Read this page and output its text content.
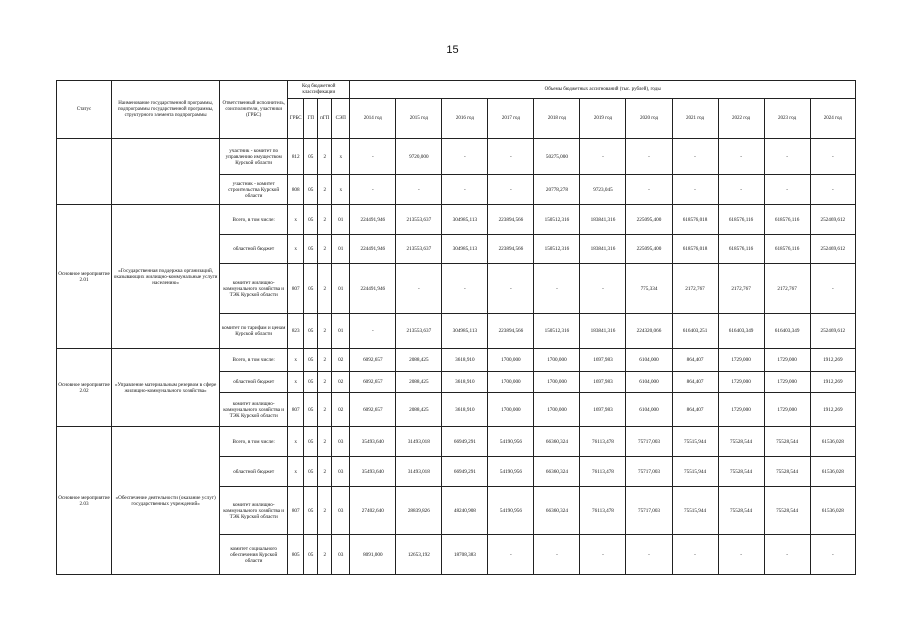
15
Статус	Наименование государственной программы, подпрограммы государственной программы, структурного элемента подпрограммы	Ответственный исполнитель, соисполнители, участники (ГРБС)	Код бюджетной классификации				Объемы бюджетных ассигнований (тыс. рублей), годы										
			ГРБС	ГП	пГП	СЭП	2014 год	2015 год	2016 год	2017 год	2018 год	2019 год	2020 год	2021 год	2022 год	2023 год	2024 год
		участник - комитет по управлению имуществом Курской области	812	05	2	х	-	9720,000	-	-	50275,000	-	-	-	-	-	-
		участник - комитет строительства Курской области	808	05	2	х	-	-	-	-	20778,278	9723,045	-	-	-	-	-
Основное мероприятие 2.01	«Государственная поддержка организаций, оказывающих жилищно-коммунальные услуги населению»	Всего, в том числе:	х	05	2	01	224491,946	213553,637	304985,113	223894,566	150512,316	183841,316	225095,400	618576,018	618576,116	618576,116	252469,612
		областной бюджет	х	05	2	01	224491,946	213553,637	304985,113	223894,566	150512,316	183841,316	225095,400	618576,018	618576,116	618576,116	252469,612
		комитет жилищно-коммунального хозяйства и ТЭК Курской области	807	05	2	01	224491,946	-	-	-	-	-	775,334	2172,767	2172,767	2172,767	-
		комитет по тарифам и ценам Курской области	823	05	2	01	-	213553,637	304985,113	223894,566	150512,316	183841,316	224320,066	616403,251	616403,349	616403,349	252469,612
Основное мероприятие 2.02	«Управление материальным резервом в сфере жилищно-коммунального хозяйства»	Всего, в том числе:	х	05	2	02	6092,657	2088,425	3618,910	1700,000	1700,000	1697,983	6104,000	864,407	1729,000	1729,000	1912,269
		областной бюджет	х	05	2	02	6092,657	2088,425	3618,910	1700,000	1700,000	1697,983	6104,000	864,407	1729,000	1729,000	1912,269
		комитет жилищно-коммунального хозяйства и ТЭК Курской области	807	05	2	02	6092,657	2088,425	3618,910	1700,000	1700,000	1697,983	6104,000	864,407	1729,000	1729,000	1912,269
Основное мероприятие 2.03	«Обеспечение деятельности (оказание услуг) государственных учреждений»	Всего, в том числе:	х	05	2	03	35493,640	31493,018	66949,291	54190,956	66360,324	76113,478	75717,003	75515,944	75528,544	75528,544	61536,028
		областной бюджет	х	05	2	03	35493,640	31493,018	66949,291	54190,956	66360,324	76113,478	75717,003	75515,944	75528,544	75528,544	61536,028
		комитет жилищно-коммунального хозяйства и ТЭК Курской области	807	05	2	03	27402,640	28839,826	48240,908	54190,956	66360,324	76113,478	75717,003	75515,944	75528,544	75528,544	61536,028
		комитет социального обеспечения Курской области	805	05	2	03	8091,000	12653,192	18708,383	-	-	-	-	-	-	-	-
